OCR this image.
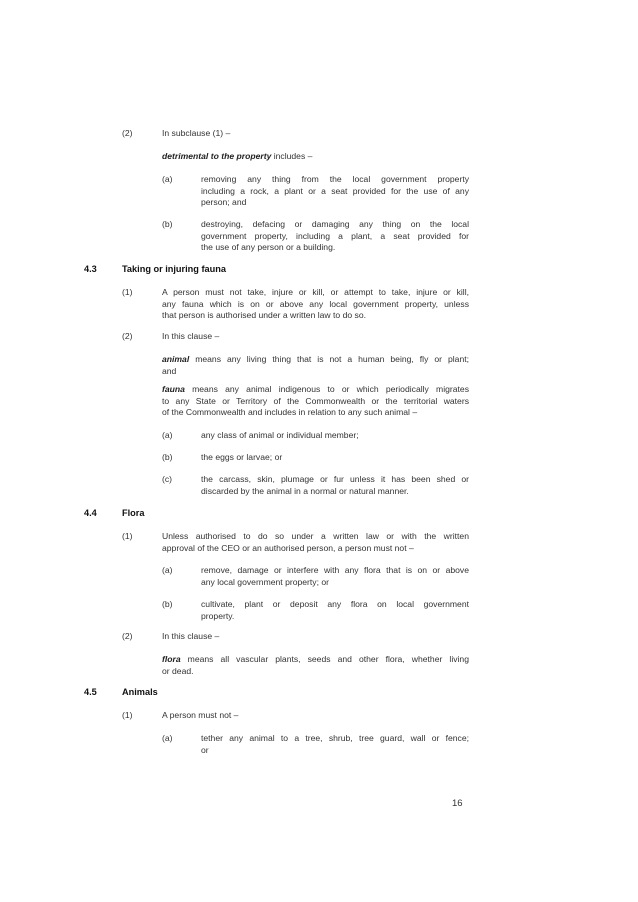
(2)	In subclause (1) –
detrimental to the property includes –
(a)	removing any thing from the local government property
including a rock, a plant or a seat provided for the use of any
person; and
(b)	destroying, defacing or damaging any thing on the local
government property, including a plant, a seat provided for
the use of any person or a building.
4.3	Taking or injuring fauna
(1)	A person must not take, injure or kill, or attempt to take, injure or kill,
any fauna which is on or above any local government property, unless
that person is authorised under a written law to do so.
(2)	In this clause –
animal means any living thing that is not a human being, fly or plant;
and
fauna means any animal indigenous to or which periodically migrates
to any State or Territory of the Commonwealth or the territorial waters
of the Commonwealth and includes in relation to any such animal –
(a)	any class of animal or individual member;
(b)	the eggs or larvae; or
(c)	the carcass, skin, plumage or fur unless it has been shed or
discarded by the animal in a normal or natural manner.
4.4	Flora
(1)	Unless authorised to do so under a written law or with the written
approval of the CEO or an authorised person, a person must not –
(a)	remove, damage or interfere with any flora that is on or above
any local government property; or
(b)	cultivate, plant or deposit any flora on local government
property.
(2)	In this clause –
flora means all vascular plants, seeds and other flora, whether living
or dead.
4.5	Animals
(1)	A person must not –
(a)	tether any animal to a tree, shrub, tree guard, wall or fence;
or
16
